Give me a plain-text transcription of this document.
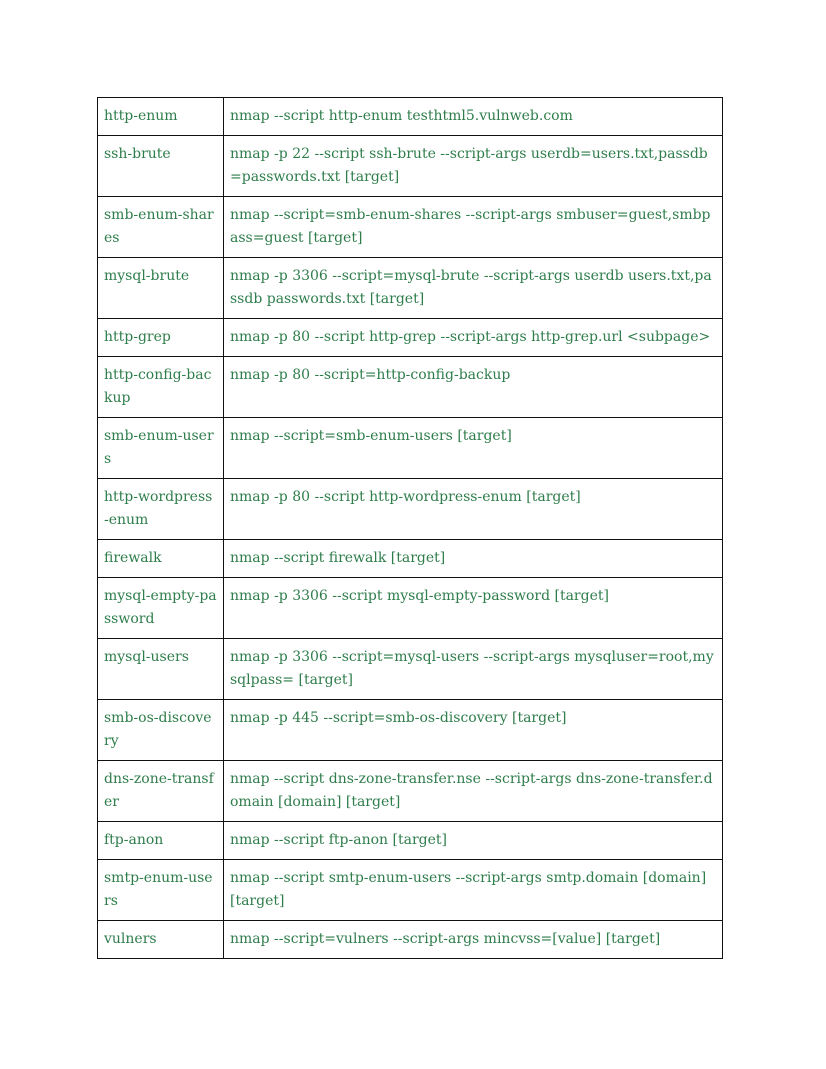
http-enum	nmap --script http-enum testhtml5.vulnweb.com
ssh-brute	nmap -p 22 --script ssh-brute --script-args userdb=users.txt,passdb=passwords.txt [target]
smb-enum-shares	nmap --script=smb-enum-shares --script-args smbuser=guest,smbpass=guest [target]
mysql-brute	nmap -p 3306 --script=mysql-brute --script-args userdb users.txt,passdb passwords.txt [target]
http-grep	nmap -p 80 --script http-grep --script-args http-grep.url <subpage>
http-config-backup	nmap -p 80 --script=http-config-backup
smb-enum-users	nmap --script=smb-enum-users [target]
http-wordpress-enum	nmap -p 80 --script http-wordpress-enum [target]
firewalk	nmap --script firewalk [target]
mysql-empty-password	nmap -p 3306 --script mysql-empty-password [target]
mysql-users	nmap -p 3306 --script=mysql-users --script-args mysqluser=root,mysqlpass= [target]
smb-os-discovery	nmap -p 445 --script=smb-os-discovery [target]
dns-zone-transfer	nmap --script dns-zone-transfer.nse --script-args dns-zone-transfer.domain [domain] [target]
ftp-anon	nmap --script ftp-anon [target]
smtp-enum-users	nmap --script smtp-enum-users --script-args smtp.domain [domain] [target]
vulners	nmap --script=vulners --script-args mincvss=[value] [target]
